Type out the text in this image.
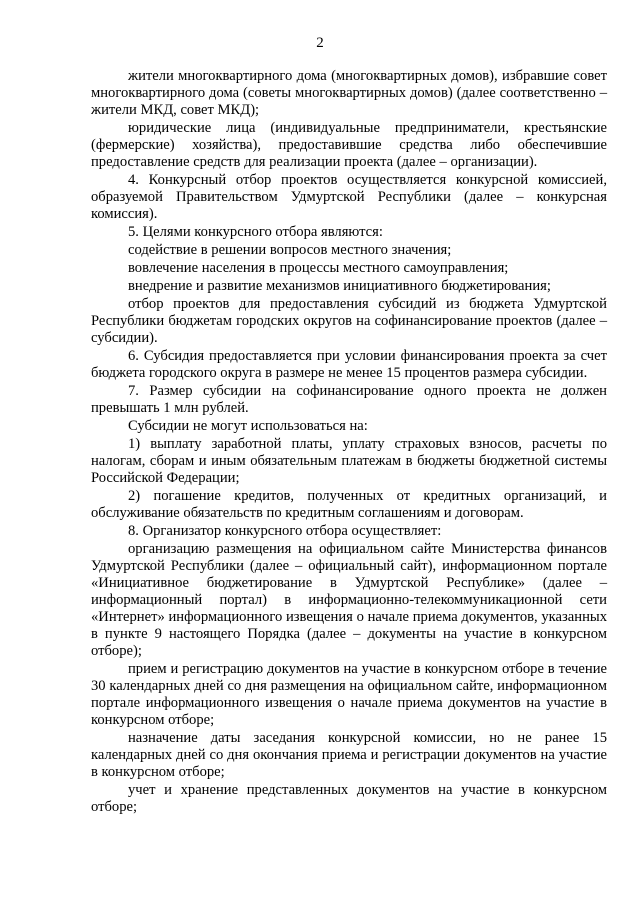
2

жители многоквартирного дома (многоквартирных домов), избравшие совет многоквартирного дома (советы многоквартирных домов) (далее соответственно – жители МКД, совет МКД);

юридические лица (индивидуальные предприниматели, крестьянские (фермерские) хозяйства), предоставившие средства либо обеспечившие предоставление средств для реализации проекта (далее – организации).

4. Конкурсный отбор проектов осуществляется конкурсной комиссией, образуемой Правительством Удмуртской Республики (далее – конкурсная комиссия).

5. Целями конкурсного отбора являются:

содействие в решении вопросов местного значения;

вовлечение населения в процессы местного самоуправления;

внедрение и развитие механизмов инициативного бюджетирования;

отбор проектов для предоставления субсидий из бюджета Удмуртской Республики бюджетам городских округов на софинансирование проектов (далее – субсидии).

6. Субсидия предоставляется при условии финансирования проекта за счет бюджета городского округа в размере не менее 15 процентов размера субсидии.

7. Размер субсидии на софинансирование одного проекта не должен превышать 1 млн рублей.

Субсидии не могут использоваться на:

1) выплату заработной платы, уплату страховых взносов, расчеты по налогам, сборам и иным обязательным платежам в бюджеты бюджетной системы Российской Федерации;

2) погашение кредитов, полученных от кредитных организаций, и обслуживание обязательств по кредитным соглашениям и договорам.

8. Организатор конкурсного отбора осуществляет:

организацию размещения на официальном сайте Министерства финансов Удмуртской Республики (далее – официальный сайт), информационном портале «Инициативное бюджетирование в Удмуртской Республике» (далее – информационный портал) в информационно-телекоммуникационной сети «Интернет» информационного извещения о начале приема документов, указанных в пункте 9 настоящего Порядка (далее – документы на участие в конкурсном отборе);

прием и регистрацию документов на участие в конкурсном отборе в течение 30 календарных дней со дня размещения на официальном сайте, информационном портале информационного извещения о начале приема документов на участие в конкурсном отборе;

назначение даты заседания конкурсной комиссии, но не ранее 15 календарных дней со дня окончания приема и регистрации документов на участие в конкурсном отборе;

учет и хранение представленных документов на участие в конкурсном отборе;
